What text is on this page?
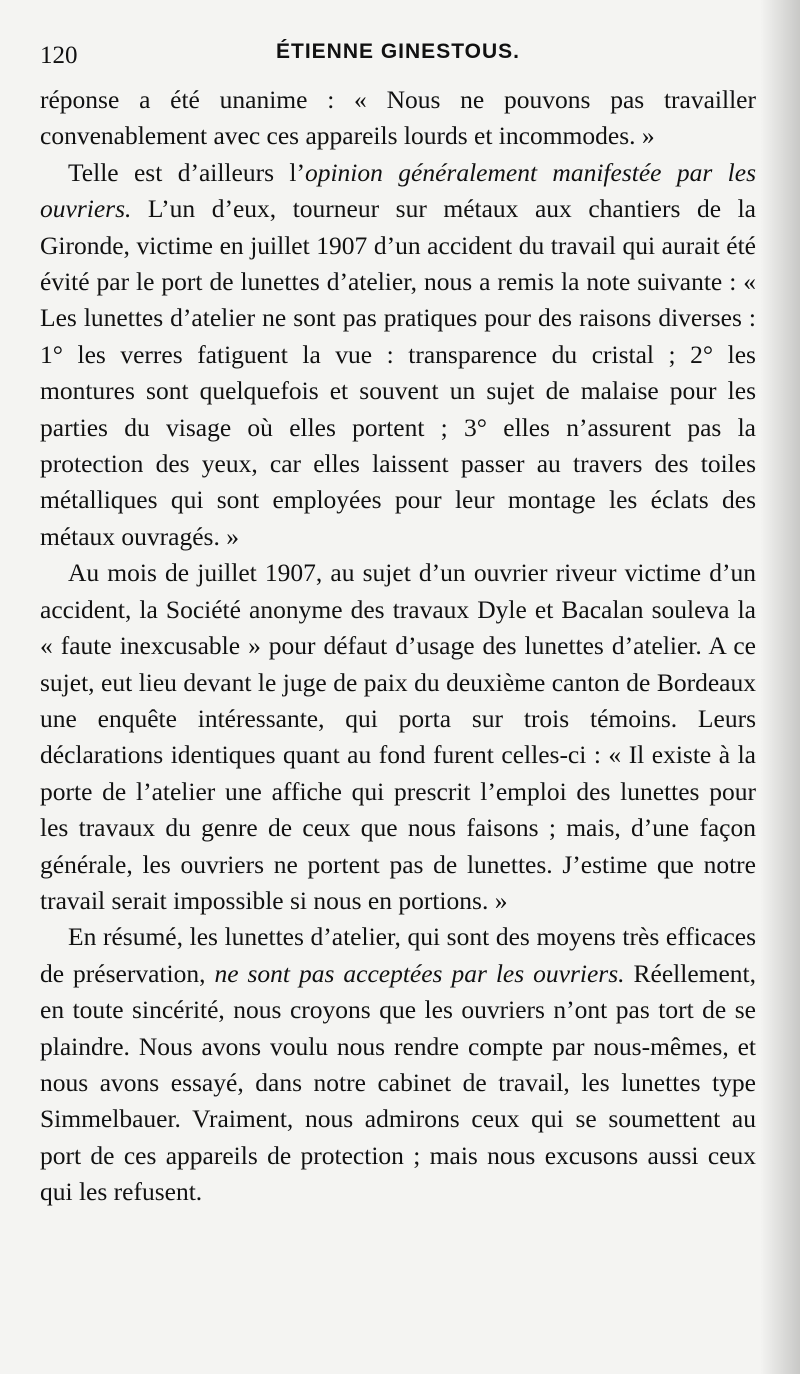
120	ÉTIENNE GINESTOUS.

réponse a été unanime : « Nous ne pouvons pas travailler convenablement avec ces appareils lourds et incommodes. »

Telle est d’ailleurs l’opinion généralement manifestée par les ouvriers. L’un d’eux, tourneur sur métaux aux chantiers de la Gironde, victime en juillet 1907 d’un accident du travail qui aurait été évité par le port de lunettes d’atelier, nous a remis la note suivante : « Les lunettes d’atelier ne sont pas pratiques pour des raisons diverses : 1° les verres fatiguent la vue : transparence du cristal ; 2° les montures sont quelquefois et souvent un sujet de malaise pour les parties du visage où elles portent ; 3° elles n’assurent pas la protection des yeux, car elles laissent passer au travers des toiles métalliques qui sont employées pour leur montage les éclats des métaux ouvragés. »

Au mois de juillet 1907, au sujet d’un ouvrier riveur victime d’un accident, la Société anonyme des travaux Dyle et Bacalan souleva la « faute inexcusable » pour défaut d’usage des lunettes d’atelier. A ce sujet, eut lieu devant le juge de paix du deuxième canton de Bordeaux une enquête intéressante, qui porta sur trois témoins. Leurs déclarations identiques quant au fond furent celles-ci : « Il existe à la porte de l’atelier une affiche qui prescrit l’emploi des lunettes pour les travaux du genre de ceux que nous faisons ; mais, d’une façon générale, les ouvriers ne portent pas de lunettes. J’estime que notre travail serait impossible si nous en portions. »

En résumé, les lunettes d’atelier, qui sont des moyens très efficaces de préservation, ne sont pas acceptées par les ouvriers. Réellement, en toute sincérité, nous croyons que les ouvriers n’ont pas tort de se plaindre. Nous avons voulu nous rendre compte par nous-mêmes, et nous avons essayé, dans notre cabinet de travail, les lunettes type Simmelbauer. Vraiment, nous admirons ceux qui se soumettent au port de ces appareils de protection ; mais nous excusons aussi ceux qui les refusent.
